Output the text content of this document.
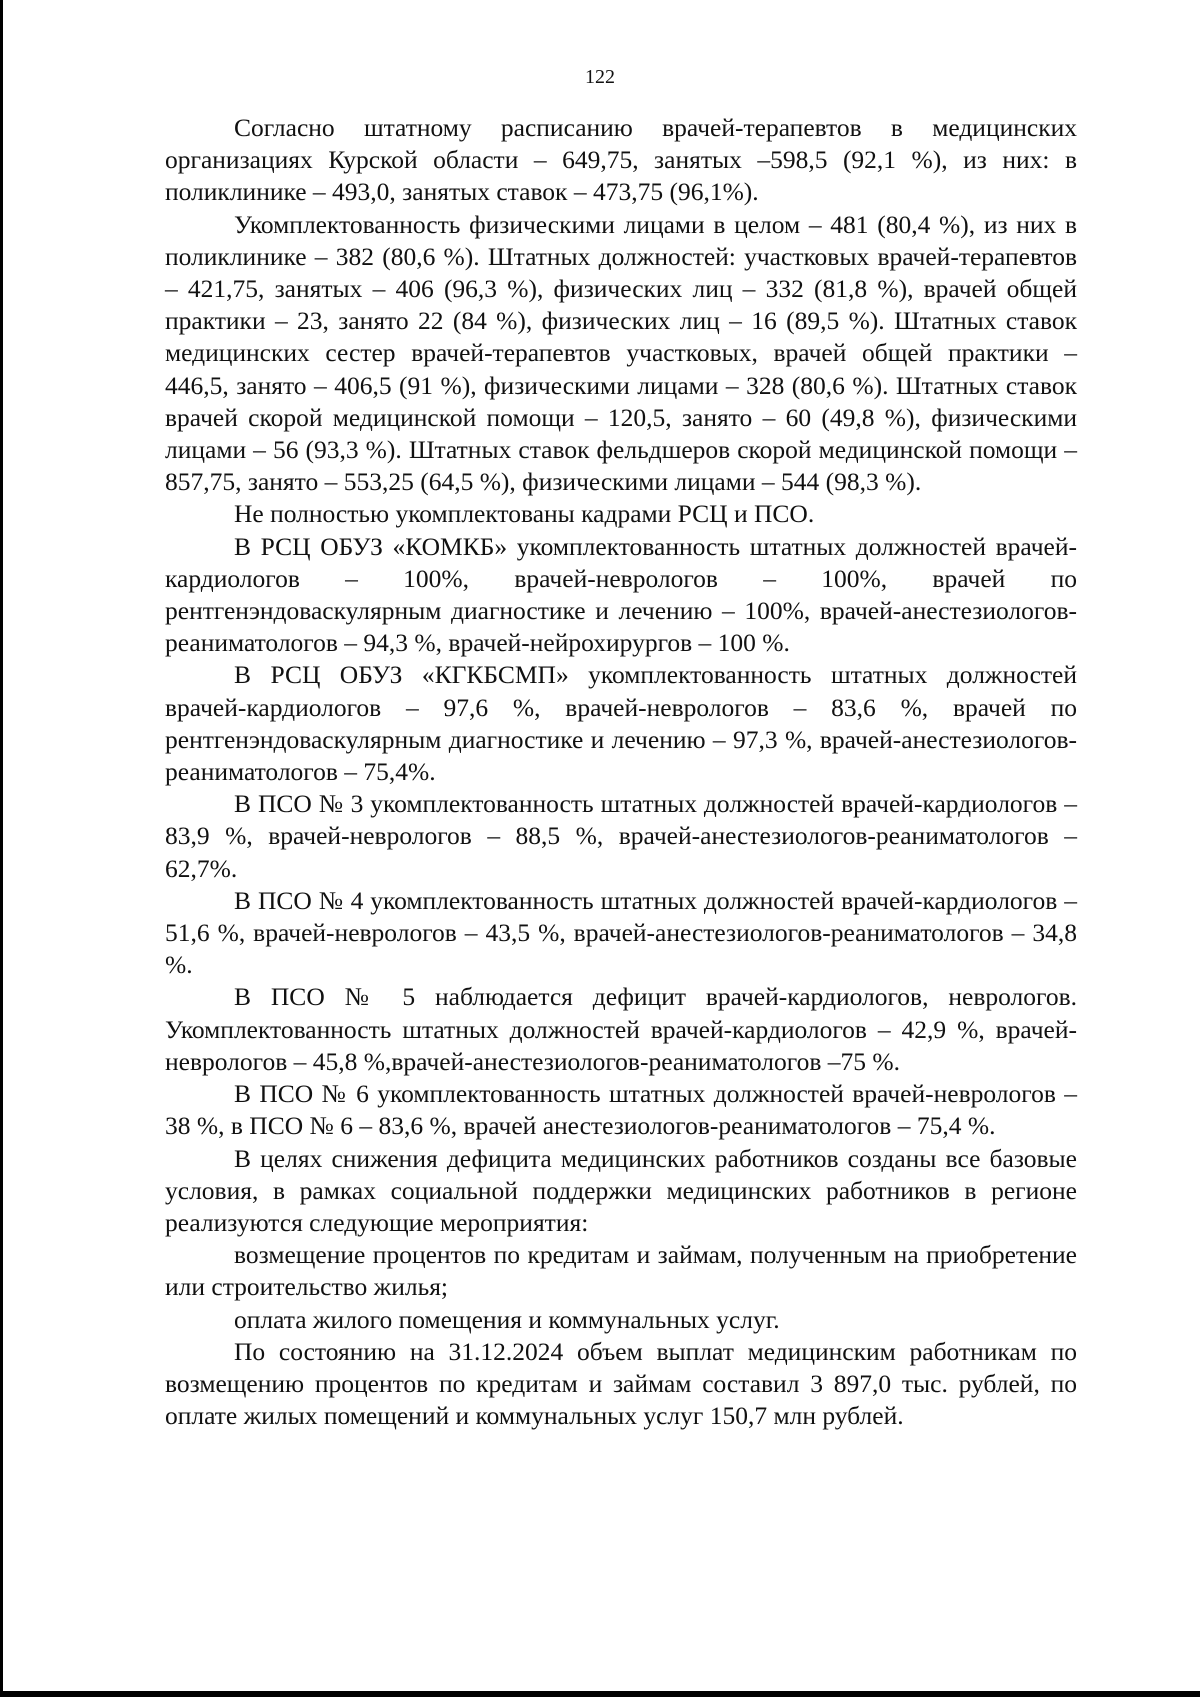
122

Согласно штатному расписанию врачей-терапевтов в медицинских организациях Курской области – 649,75, занятых –598,5 (92,1 %), из них: в поликлинике – 493,0, занятых ставок – 473,75 (96,1%).

Укомплектованность физическими лицами в целом – 481 (80,4 %), из них в поликлинике – 382 (80,6 %). Штатных должностей: участковых врачей-терапевтов – 421,75, занятых – 406 (96,3 %), физических лиц – 332 (81,8 %), врачей общей практики – 23, занято 22 (84 %), физических лиц – 16 (89,5 %). Штатных ставок медицинских сестер врачей-терапевтов участковых, врачей общей практики – 446,5, занято – 406,5 (91 %), физическими лицами – 328 (80,6 %). Штатных ставок врачей скорой медицинской помощи – 120,5, занято – 60 (49,8 %), физическими лицами – 56 (93,3 %). Штатных ставок фельдшеров скорой медицинской помощи – 857,75, занято – 553,25 (64,5 %), физическими лицами – 544 (98,3 %).

Не полностью укомплектованы кадрами РСЦ и ПСО.

В РСЦ ОБУЗ «КОМКБ» укомплектованность штатных должностей врачей-кардиологов – 100%, врачей-неврологов – 100%, врачей по рентгенэндоваскулярным диагностике и лечению – 100%, врачей-анестезиологов-реаниматологов – 94,3 %, врачей-нейрохирургов – 100 %.

В РСЦ ОБУЗ «КГКБСМП» укомплектованность штатных должностей врачей-кардиологов – 97,6 %, врачей-неврологов – 83,6 %, врачей по рентгенэндоваскулярным диагностике и лечению – 97,3 %, врачей-анестезиологов-реаниматологов – 75,4%.

В ПСО № 3 укомплектованность штатных должностей врачей-кардиологов – 83,9 %, врачей-неврологов – 88,5 %, врачей-анестезиологов-реаниматологов – 62,7%.

В ПСО № 4 укомплектованность штатных должностей врачей-кардиологов – 51,6 %, врачей-неврологов – 43,5 %, врачей-анестезиологов-реаниматологов – 34,8 %.

В ПСО № 5 наблюдается дефицит врачей-кардиологов, неврологов. Укомплектованность штатных должностей врачей-кардиологов – 42,9 %, врачей-неврологов – 45,8 %,врачей-анестезиологов-реаниматологов –75 %.

В ПСО № 6 укомплектованность штатных должностей врачей-неврологов – 38 %, в ПСО № 6 – 83,6 %, врачей анестезиологов-реаниматологов – 75,4 %.

В целях снижения дефицита медицинских работников созданы все базовые условия, в рамках социальной поддержки медицинских работников в регионе реализуются следующие мероприятия:

возмещение процентов по кредитам и займам, полученным на приобретение или строительство жилья;

оплата жилого помещения и коммунальных услуг.

По состоянию на 31.12.2024 объем выплат медицинским работникам по возмещению процентов по кредитам и займам составил 3 897,0 тыс. рублей, по оплате жилых помещений и коммунальных услуг 150,7 млн рублей.
